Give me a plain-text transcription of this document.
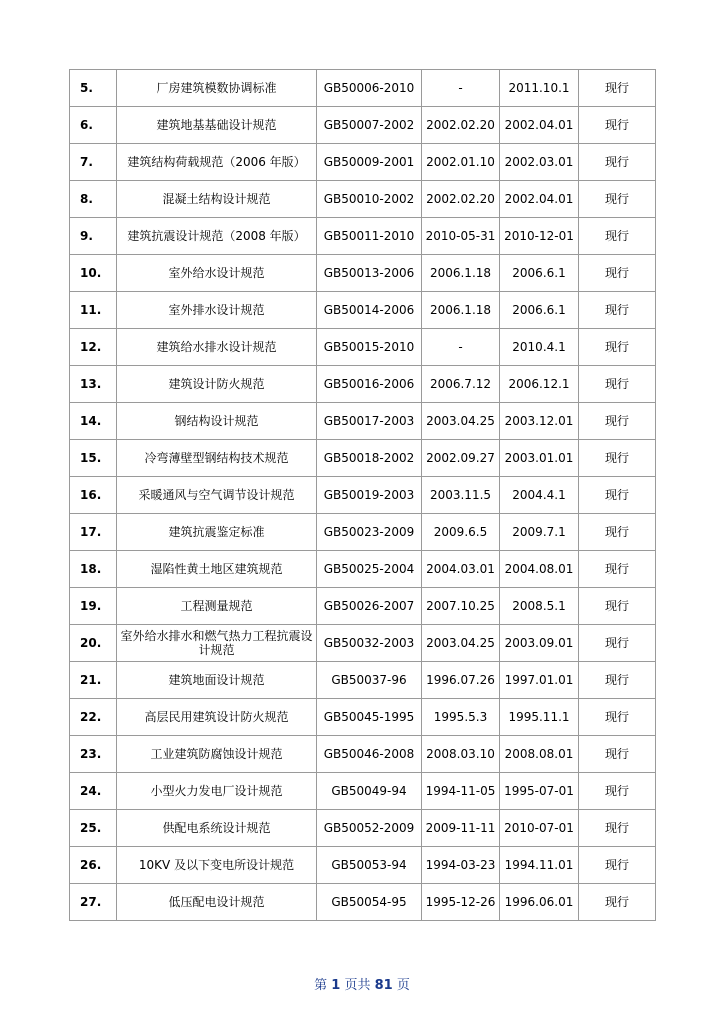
5.	厂房建筑模数协调标准	GB50006-2010	-	2011.10.1	现行
6.	建筑地基基础设计规范	GB50007-2002	2002.02.20	2002.04.01	现行
7.	建筑结构荷载规范（2006 年版）	GB50009-2001	2002.01.10	2002.03.01	现行
8.	混凝土结构设计规范	GB50010-2002	2002.02.20	2002.04.01	现行
9.	建筑抗震设计规范（2008 年版）	GB50011-2010	2010-05-31	2010-12-01	现行
10.	室外给水设计规范	GB50013-2006	2006.1.18	2006.6.1	现行
11.	室外排水设计规范	GB50014-2006	2006.1.18	2006.6.1	现行
12.	建筑给水排水设计规范	GB50015-2010	-	2010.4.1	现行
13.	建筑设计防火规范	GB50016-2006	2006.7.12	2006.12.1	现行
14.	钢结构设计规范	GB50017-2003	2003.04.25	2003.12.01	现行
15.	冷弯薄壁型钢结构技术规范	GB50018-2002	2002.09.27	2003.01.01	现行
16.	采暖通风与空气调节设计规范	GB50019-2003	2003.11.5	2004.4.1	现行
17.	建筑抗震鉴定标准	GB50023-2009	2009.6.5	2009.7.1	现行
18.	湿陷性黄土地区建筑规范	GB50025-2004	2004.03.01	2004.08.01	现行
19.	工程测量规范	GB50026-2007	2007.10.25	2008.5.1	现行
20.	室外给水排水和燃气热力工程抗震设计规范	GB50032-2003	2003.04.25	2003.09.01	现行
21.	建筑地面设计规范	GB50037-96	1996.07.26	1997.01.01	现行
22.	高层民用建筑设计防火规范	GB50045-1995	1995.5.3	1995.11.1	现行
23.	工业建筑防腐蚀设计规范	GB50046-2008	2008.03.10	2008.08.01	现行
24.	小型火力发电厂设计规范	GB50049-94	1994-11-05	1995-07-01	现行
25.	供配电系统设计规范	GB50052-2009	2009-11-11	2010-07-01	现行
26.	10KV 及以下变电所设计规范	GB50053-94	1994-03-23	1994.11.01	现行
27.	低压配电设计规范	GB50054-95	1995-12-26	1996.06.01	现行
第 1 页共 81 页
